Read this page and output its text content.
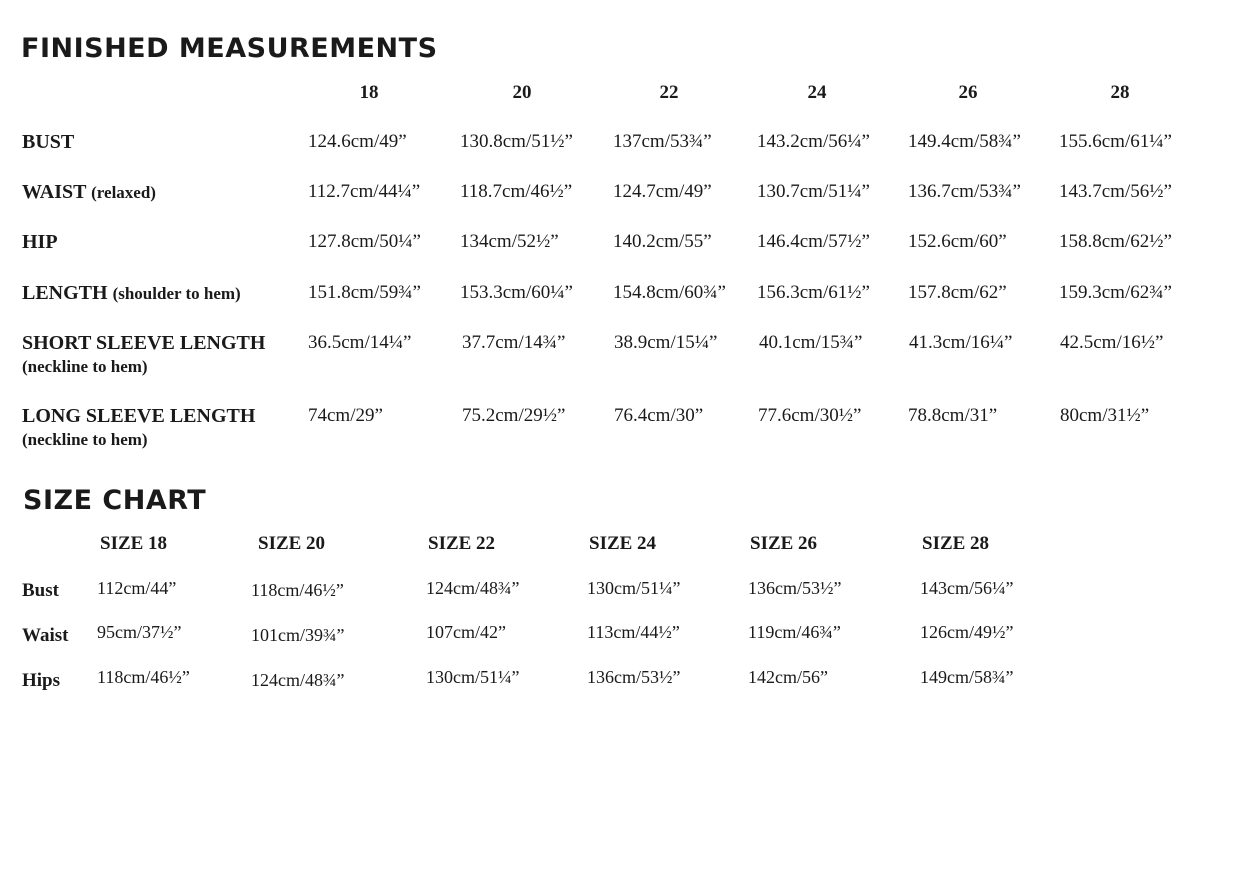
FINISHED MEASUREMENTS
18	20	22	24	26	28
BUST	124.6cm/49”	130.8cm/51½” 137cm/53¾” 143.2cm/56¼” 149.4cm/58¾” 155.6cm/61¼”
WAIST (relaxed)	112.7cm/44¼” 118.7cm/46½” 124.7cm/49” 130.7cm/51¼” 136.7cm/53¾” 143.7cm/56½”
HIP	127.8cm/50¼” 134cm/52½”	140.2cm/55” 146.4cm/57½” 152.6cm/60”	158.8cm/62½”
LENGTH (shoulder to hem)	151.8cm/59¾” 153.3cm/60¼” 154.8cm/60¾” 156.3cm/61½” 157.8cm/62”	159.3cm/62¾”
SHORT SLEEVE LENGTH
(neckline to hem)
36.5cm/14¼”	37.7cm/14¾”	38.9cm/15¼” 40.1cm/15¾” 41.3cm/16¼”	42.5cm/16½”
LONG SLEEVE LENGTH
(neckline to hem)
74cm/29”	75.2cm/29½”	76.4cm/30”	77.6cm/30½” 78.8cm/31”	80cm/31½”
SIZE CHART
SIZE 18	SIZE 20	SIZE 22	SIZE 24	SIZE 26	SIZE 28
Bust 112cm/44”	118cm/46½”	124cm/48¾”	130cm/51¼”	136cm/53½”	143cm/56¼”
Waist 95cm/37½”	101cm/39¾”	107cm/42”	113cm/44½”	119cm/46¾”	126cm/49½”
Hips 118cm/46½”	124cm/48¾”	130cm/51¼”	136cm/53½”	142cm/56”	149cm/58¾”
